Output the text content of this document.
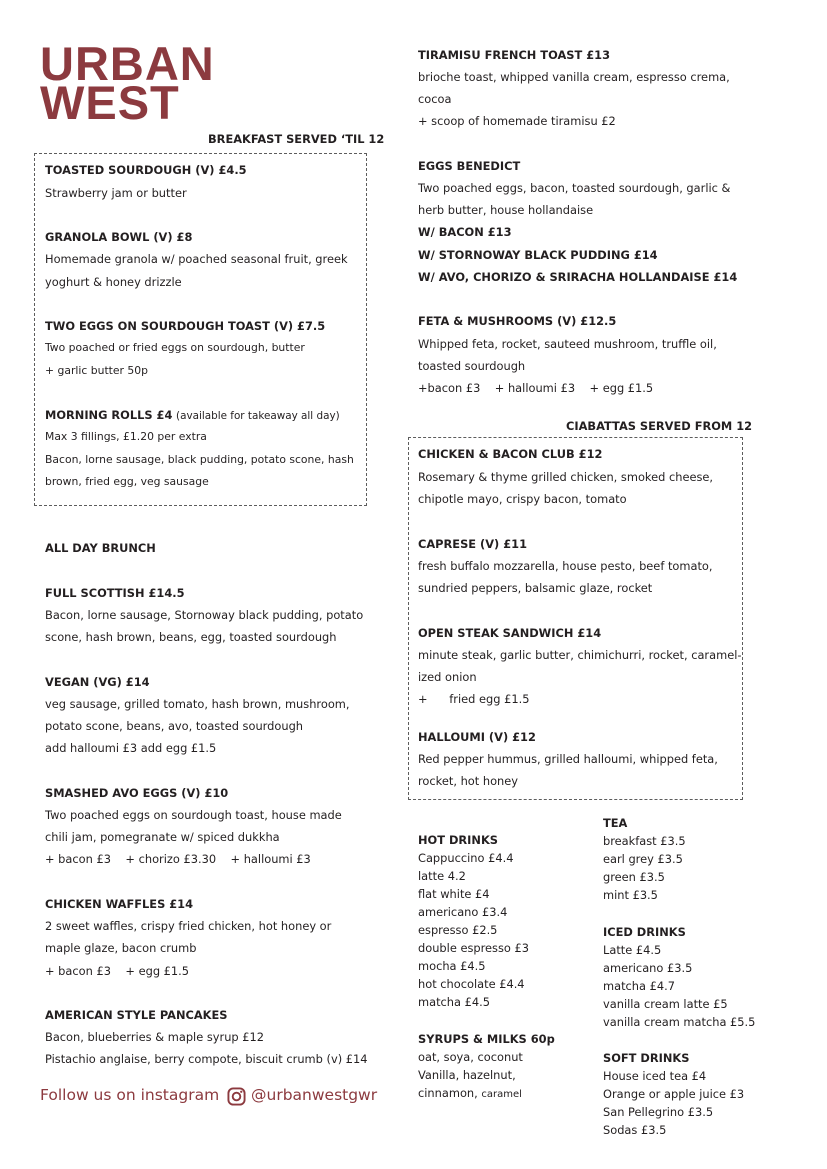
URBAN
WEST
BREAKFAST SERVED ‘TIL 12
TOASTED SOURDOUGH (V) £4.5
Strawberry jam or butter
GRANOLA BOWL (V) £8
Homemade granola w/ poached seasonal fruit, greek
yoghurt & honey drizzle
TWO EGGS ON SOURDOUGH TOAST (V) £7.5
Two poached or fried eggs on sourdough, butter
+ garlic butter 50p
MORNING ROLLS £4 (available for takeaway all day)
Max 3 fillings, £1.20 per extra
Bacon, lorne sausage, black pudding, potato scone, hash
brown, fried egg, veg sausage
ALL DAY BRUNCH
FULL SCOTTISH £14.5
Bacon, lorne sausage, Stornoway black pudding, potato
scone, hash brown, beans, egg, toasted sourdough
VEGAN (VG) £14
veg sausage, grilled tomato, hash brown, mushroom,
potato scone, beans, avo, toasted sourdough
add halloumi £3 add egg £1.5
SMASHED AVO EGGS (V) £10
Two poached eggs on sourdough toast, house made
chili jam, pomegranate w/ spiced dukkha
+ bacon £3    + chorizo £3.30    + halloumi £3
CHICKEN WAFFLES £14
2 sweet waffles, crispy fried chicken, hot honey or
maple glaze, bacon crumb
+ bacon £3    + egg £1.5
AMERICAN STYLE PANCAKES
Bacon, blueberries & maple syrup £12
Pistachio anglaise, berry compote, biscuit crumb (v) £14
TIRAMISU FRENCH TOAST £13
brioche toast, whipped vanilla cream, espresso crema,
cocoa
+ scoop of homemade tiramisu £2
EGGS BENEDICT
Two poached eggs, bacon, toasted sourdough, garlic &
herb butter, house hollandaise
W/ BACON £13
W/ STORNOWAY BLACK PUDDING £14
W/ AVO, CHORIZO & SRIRACHA HOLLANDAISE £14
FETA & MUSHROOMS (V) £12.5
Whipped feta, rocket, sauteed mushroom, truffle oil,
toasted sourdough
+bacon £3    + halloumi £3    + egg £1.5
CIABATTAS SERVED FROM 12
CHICKEN & BACON CLUB £12
Rosemary & thyme grilled chicken, smoked cheese,
chipotle mayo, crispy bacon, tomato
CAPRESE (V) £11
fresh buffalo mozzarella, house pesto, beef tomato,
sundried peppers, balsamic glaze, rocket
OPEN STEAK SANDWICH £14
minute steak, garlic butter, chimichurri, rocket, caramel-
ized onion
+      fried egg £1.5
HALLOUMI (V) £12
Red pepper hummus, grilled halloumi, whipped feta,
rocket, hot honey
HOT DRINKS
Cappuccino £4.4
latte 4.2
flat white £4
americano £3.4
espresso £2.5
double espresso £3
mocha £4.5
hot chocolate £4.4
matcha £4.5
SYRUPS & MILKS 60p
oat, soya, coconut
Vanilla, hazelnut,
cinnamon, caramel
TEA
breakfast £3.5
earl grey £3.5
green £3.5
mint £3.5
ICED DRINKS
Latte £4.5
americano £3.5
matcha £4.7
vanilla cream latte £5
vanilla cream matcha £5.5
SOFT DRINKS
House iced tea £4
Orange or apple juice £3
San Pellegrino £3.5
Sodas £3.5
Follow us on instagram @urbanwestgwr
